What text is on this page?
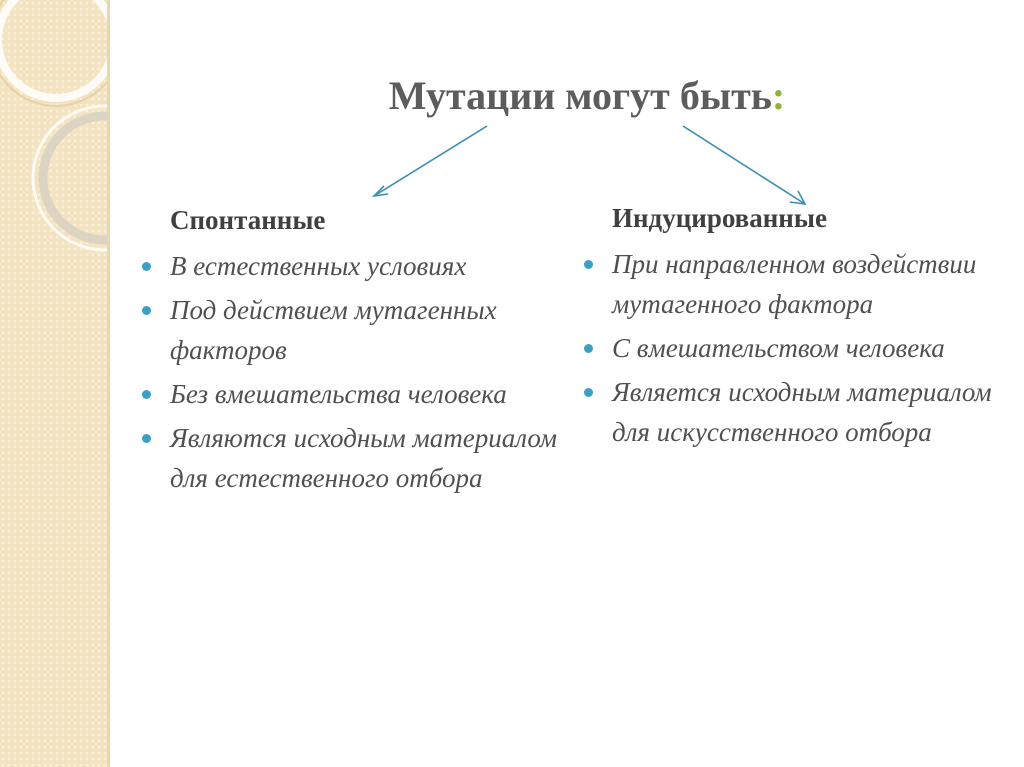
Мутации могут быть:
Спонтанные
В естественных условиях
Под действием мутагенных факторов
Без вмешательства человека
Являются исходным материалом для естественного отбора
Индуцированные
При направленном воздействии мутагенного фактора
С вмешательством человека
Является исходным материалом для искусственного отбора
